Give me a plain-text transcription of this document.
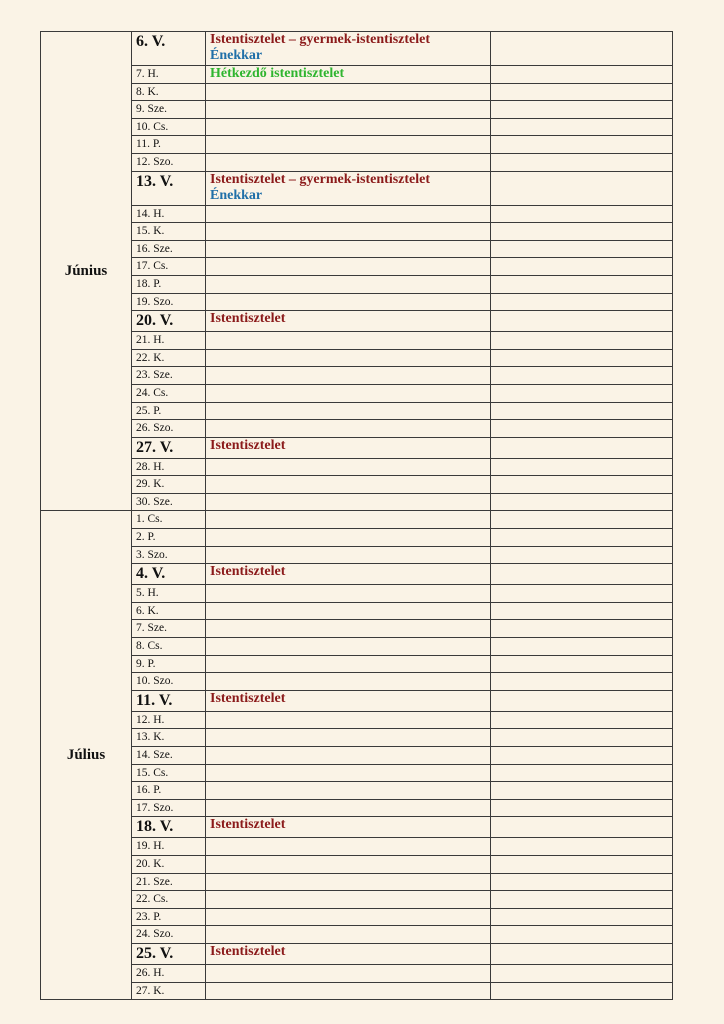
Június	6. V.	Istentisztelet – gyermek-istentisztelet
Énekkar	

	7. H.	Hétkezdő istentisztelet	

	8. K.		
	9. Sze.		
	10. Cs.		
	11. P.		
	12. Szo.		
	13. V.	Istentisztelet – gyermek-istentisztelet
Énekkar	

	14. H.		
	15. K.		
	16. Sze.		
	17. Cs.		
	18. P.		
	19. Szo.		
	20. V.	Istentisztelet	

	21. H.		
	22. K.		
	23. Sze.		
	24. Cs.		
	25. P.		
	26. Szo.		
	27. V.	Istentisztelet	

	28. H.		
	29. K.		
	30. Sze.		
Július	1. Cs.		
	2. P.		
	3. Szo.		
	4. V.	Istentisztelet	

	5. H.		
	6. K.		
	7. Sze.		
	8. Cs.		
	9. P.		
	10. Szo.		
	11. V.	Istentisztelet	

	12. H.		
	13. K.		
	14. Sze.		
	15. Cs.		
	16. P.		
	17. Szo.		
	18. V.	Istentisztelet	

	19. H.		
	20. K.		
	21. Sze.		
	22. Cs.		
	23. P.		
	24. Szo.		
	25. V.	Istentisztelet	

	26. H.		
	27. K.		
